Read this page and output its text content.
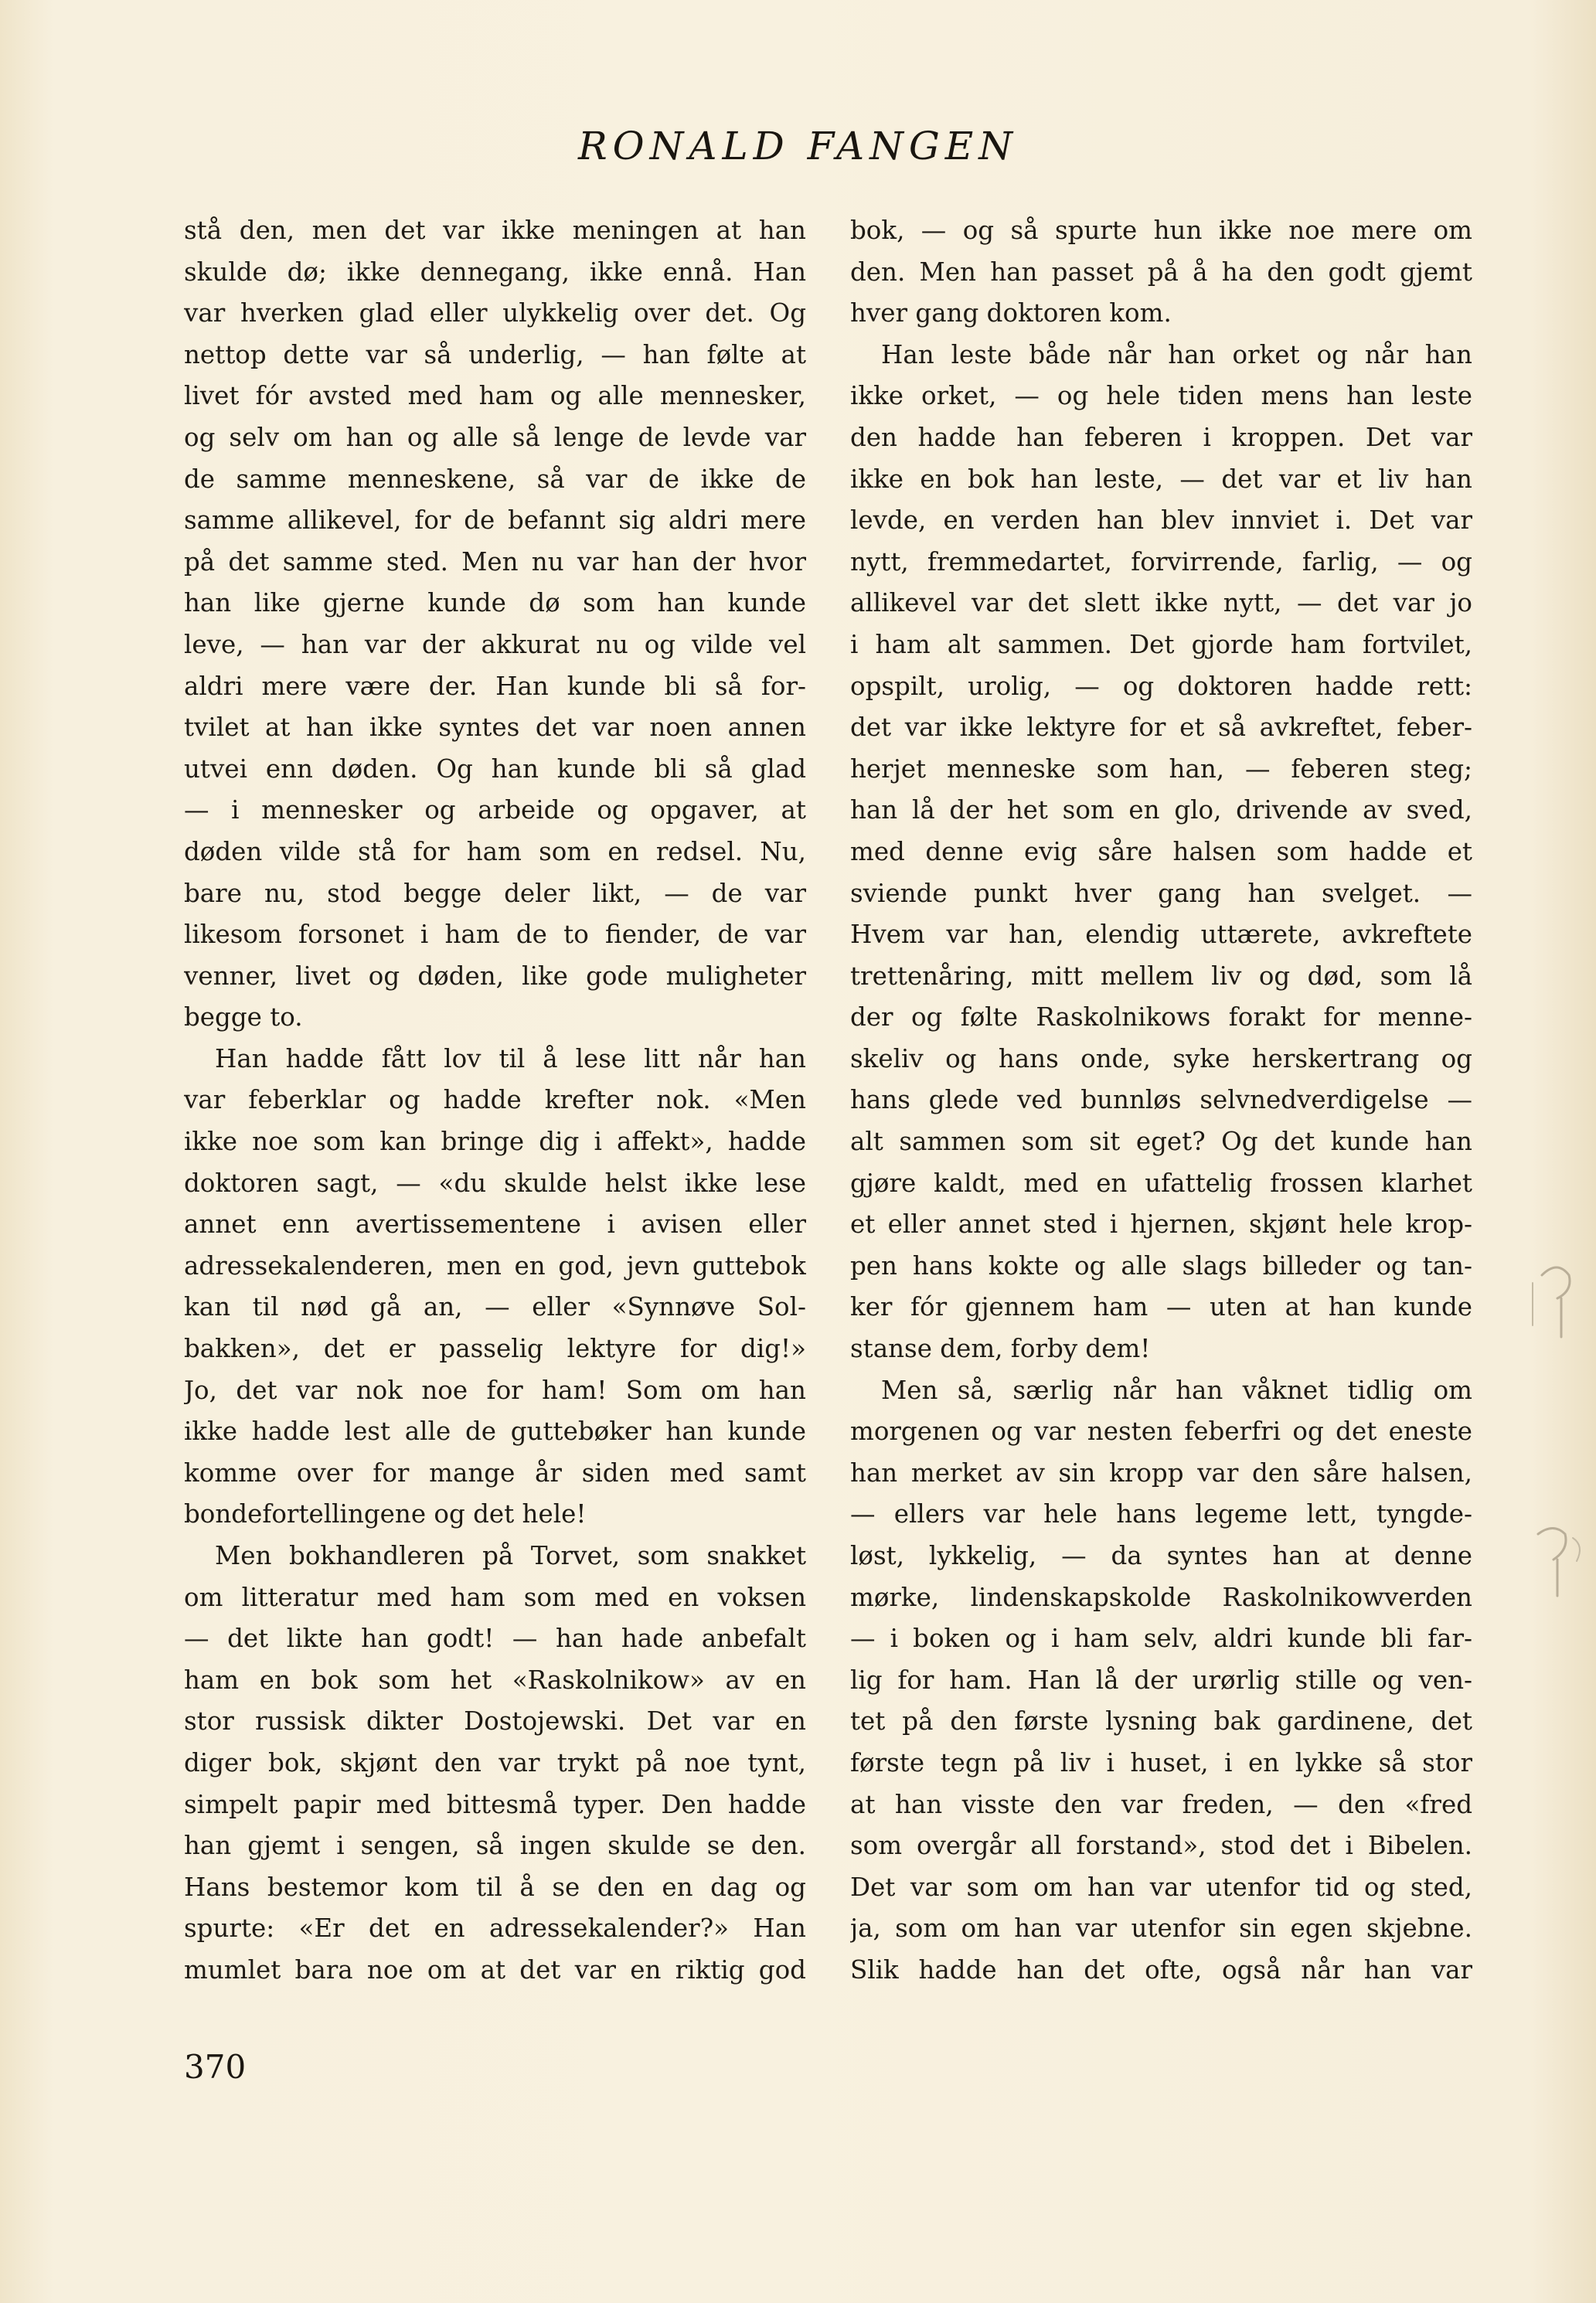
RONALD FANGEN
stå den, men det var ikke meningen at han
skulde dø; ikke dennegang, ikke ennå. Han
var hverken glad eller ulykkelig over det. Og
nettop dette var så underlig, — han følte at
livet fór avsted med ham og alle mennesker,
og selv om han og alle så lenge de levde var
de samme menneskene, så var de ikke de
samme allikevel, for de befannt sig aldri mere
på det samme sted. Men nu var han der hvor
han like gjerne kunde dø som han kunde
leve, — han var der akkurat nu og vilde vel
aldri mere være der. Han kunde bli så for-
tvilet at han ikke syntes det var noen annen
utvei enn døden. Og han kunde bli så glad
— i mennesker og arbeide og opgaver, at
døden vilde stå for ham som en redsel. Nu,
bare nu, stod begge deler likt, — de var
likesom forsonet i ham de to fiender, de var
venner, livet og døden, like gode muligheter
begge to.
Han hadde fått lov til å lese litt når han
var feberklar og hadde krefter nok. «Men
ikke noe som kan bringe dig i affekt», hadde
doktoren sagt, — «du skulde helst ikke lese
annet enn avertissementene i avisen eller
adressekalenderen, men en god, jevn guttebok
kan til nød gå an, — eller «Synnøve Sol-
bakken», det er passelig lektyre for dig!»
Jo, det var nok noe for ham! Som om han
ikke hadde lest alle de guttebøker han kunde
komme over for mange år siden med samt
bondefortellingene og det hele!
Men bokhandleren på Torvet, som snakket
om litteratur med ham som med en voksen
— det likte han godt! — han hade anbefalt
ham en bok som het «Raskolnikow» av en
stor russisk dikter Dostojewski. Det var en
diger bok, skjønt den var trykt på noe tynt,
simpelt papir med bittesmå typer. Den hadde
han gjemt i sengen, så ingen skulde se den.
Hans bestemor kom til å se den en dag og
spurte: «Er det en adressekalender?» Han
mumlet bara noe om at det var en riktig god
bok, — og så spurte hun ikke noe mere om
den. Men han passet på å ha den godt gjemt
hver gang doktoren kom.
Han leste både når han orket og når han
ikke orket, — og hele tiden mens han leste
den hadde han feberen i kroppen. Det var
ikke en bok han leste, — det var et liv han
levde, en verden han blev innviet i. Det var
nytt, fremmedartet, forvirrende, farlig, — og
allikevel var det slett ikke nytt, — det var jo
i ham alt sammen. Det gjorde ham fortvilet,
opspilt, urolig, — og doktoren hadde rett:
det var ikke lektyre for et så avkreftet, feber-
herjet menneske som han, — feberen steg;
han lå der het som en glo, drivende av sved,
med denne evig såre halsen som hadde et
sviende punkt hver gang han svelget. —
Hvem var han, elendig uttærete, avkreftete
trettenåring, mitt mellem liv og død, som lå
der og følte Raskolnikows forakt for menne-
skeliv og hans onde, syke herskertrang og
hans glede ved bunnløs selvnedverdigelse —
alt sammen som sit eget? Og det kunde han
gjøre kaldt, med en ufattelig frossen klarhet
et eller annet sted i hjernen, skjønt hele krop-
pen hans kokte og alle slags billeder og tan-
ker fór gjennem ham — uten at han kunde
stanse dem, forby dem!
Men så, særlig når han våknet tidlig om
morgenen og var nesten feberfri og det eneste
han merket av sin kropp var den såre halsen,
— ellers var hele hans legeme lett, tyngde-
løst, lykkelig, — da syntes han at denne
mørke, lindenskapskolde Raskolnikowverden
— i boken og i ham selv, aldri kunde bli far-
lig for ham. Han lå der urørlig stille og ven-
tet på den første lysning bak gardinene, det
første tegn på liv i huset, i en lykke så stor
at han visste den var freden, — den «fred
som overgår all forstand», stod det i Bibelen.
Det var som om han var utenfor tid og sted,
ja, som om han var utenfor sin egen skjebne.
Slik hadde han det ofte, også når han var
370
